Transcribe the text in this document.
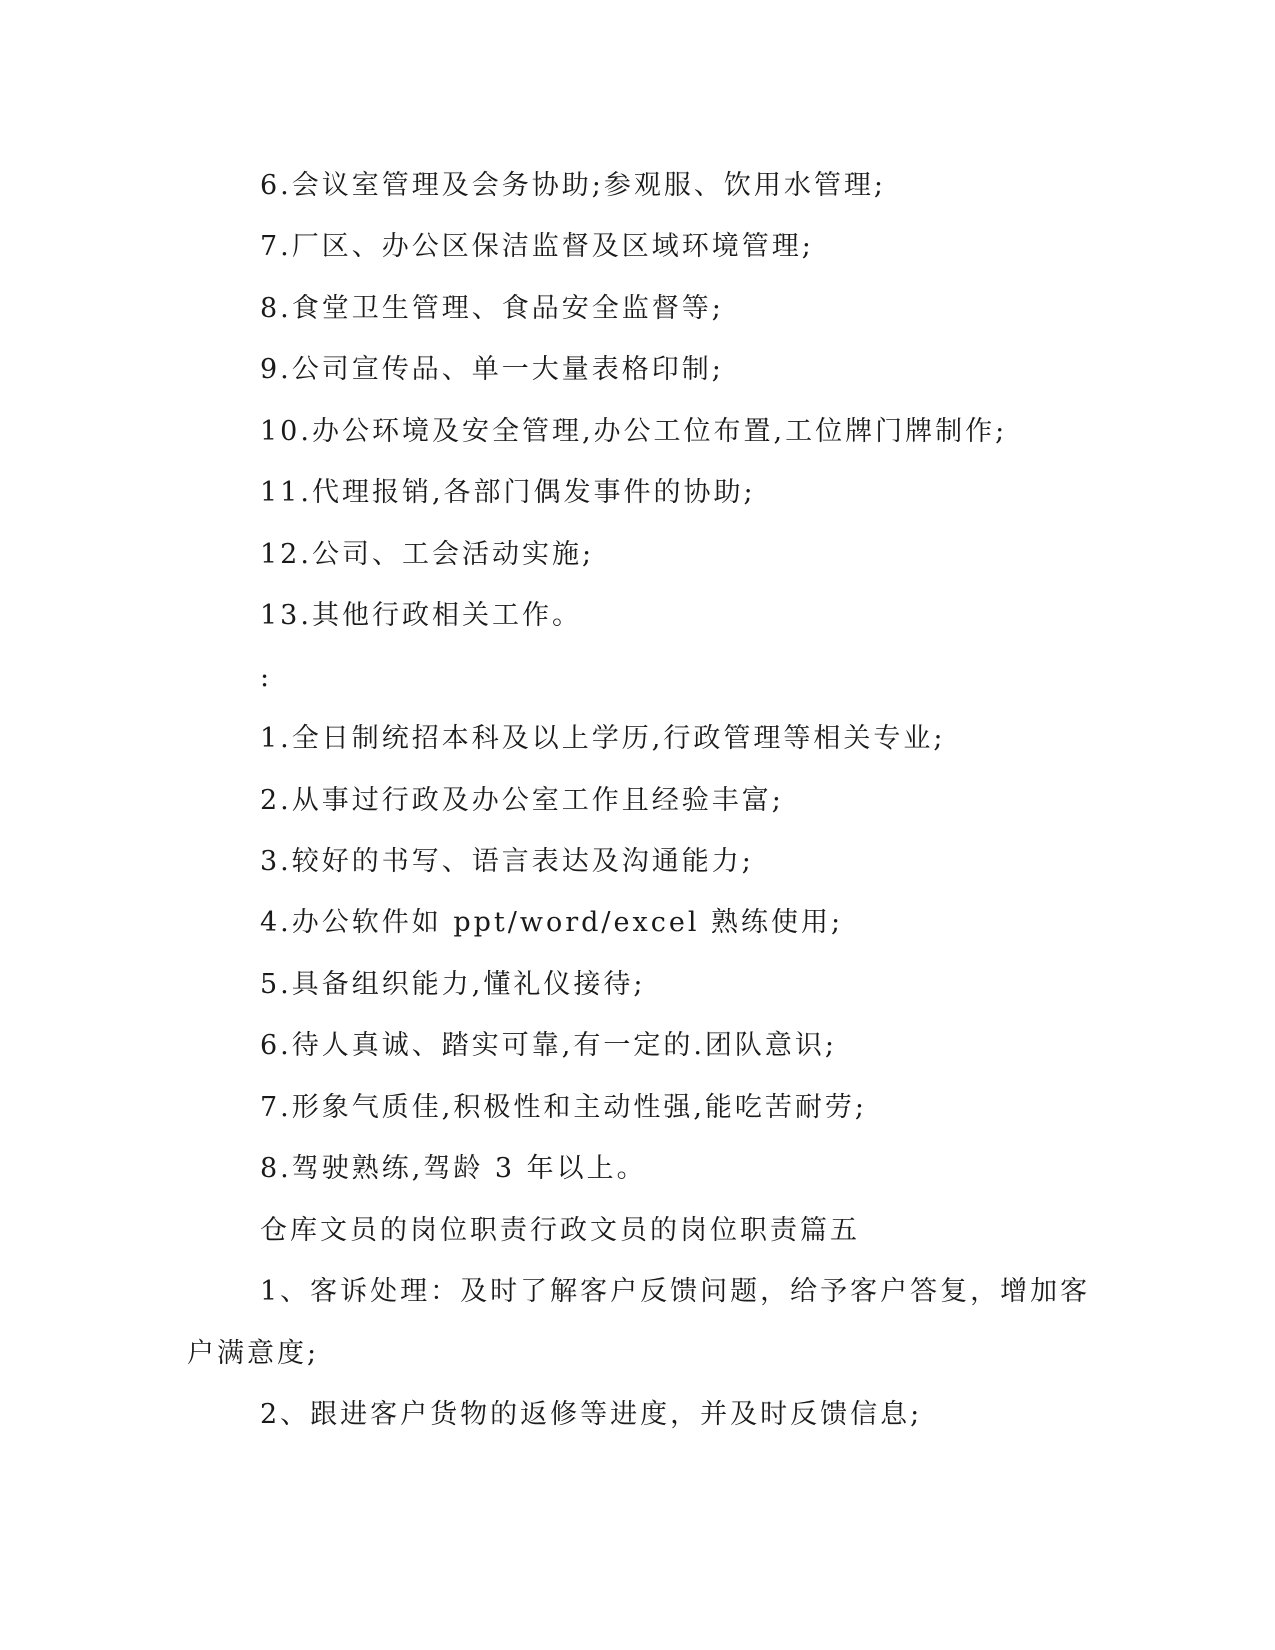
6.会议室管理及会务协助;参观服、饮用水管理;
7.厂区、办公区保洁监督及区域环境管理;
8.食堂卫生管理、食品安全监督等;
9.公司宣传品、单一大量表格印制;
10.办公环境及安全管理,办公工位布置,工位牌门牌制作;
11.代理报销,各部门偶发事件的协助;
12.公司、工会活动实施;
13.其他行政相关工作。
:
1.全日制统招本科及以上学历,行政管理等相关专业;
2.从事过行政及办公室工作且经验丰富;
3.较好的书写、语言表达及沟通能力;
4.办公软件如 ppt/word/excel 熟练使用;
5.具备组织能力,懂礼仪接待;
6.待人真诚、踏实可靠,有一定的.团队意识;
7.形象气质佳,积极性和主动性强,能吃苦耐劳;
8.驾驶熟练,驾龄 3 年以上。
仓库文员的岗位职责行政文员的岗位职责篇五
1、客诉处理：及时了解客户反馈问题，给予客户答复，增加客
户满意度;
2、跟进客户货物的返修等进度，并及时反馈信息;
